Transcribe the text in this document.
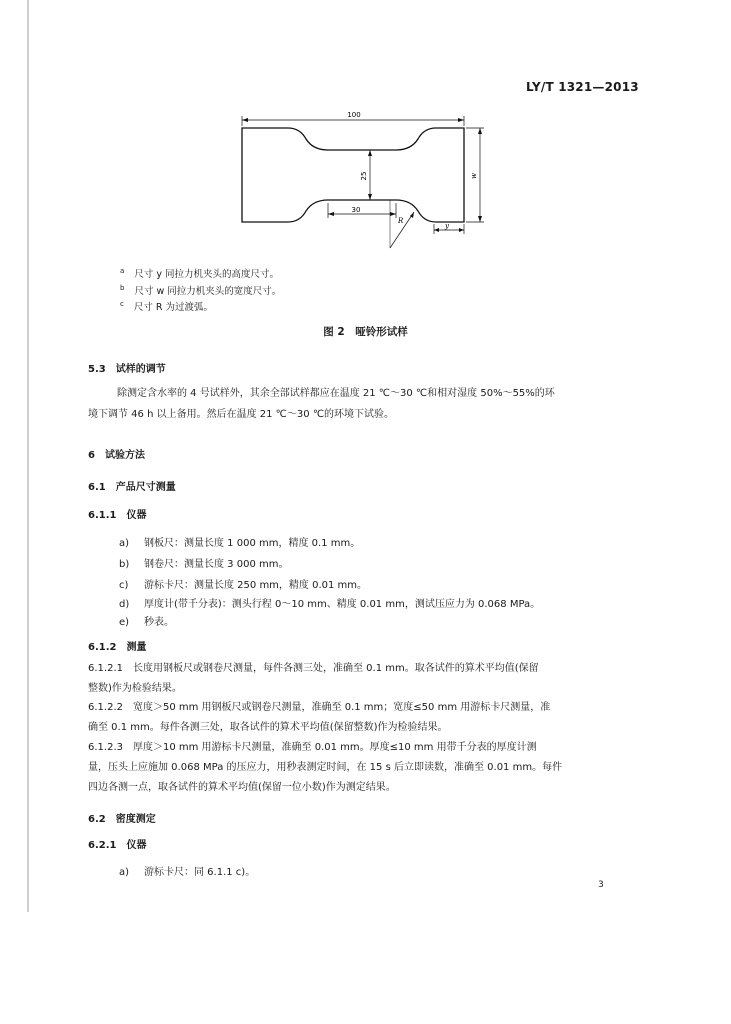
LY/T 1321—2013
100
25
30
R
y
w
$^a$ 尺寸 y 同拉力机夹头的高度尺寸。
$^b$ 尺寸 w 同拉力机夹头的宽度尺寸。
$^c$ 尺寸 R 为过渡弧。
图 2　哑铃形试样
5.3　试样的调节
除测定含水率的 4 号试样外，其余全部试样都应在温度 21 ℃～30 ℃和相对湿度 50%～55%的环
境下调节 46 h 以上备用。然后在温度 21 ℃～30 ℃的环境下试验。
6　试验方法
6.1　产品尺寸测量
6.1.1　仪器
a) 钢板尺：测量长度 1 000 mm，精度 0.1 mm。
b) 钢卷尺：测量长度 3 000 mm。
c) 游标卡尺：测量长度 250 mm，精度 0.01 mm。
d) 厚度计(带千分表)：测头行程 0～10 mm、精度 0.01 mm，测试压应力为 0.068 MPa。
e) 秒表。
6.1.2　测量
6.1.2.1　长度用钢板尺或钢卷尺测量，每件各测三处，准确至 0.1 mm。取各试件的算术平均值(保留
整数)作为检验结果。
6.1.2.2　宽度＞50 mm 用钢板尺或钢卷尺测量，准确至 0.1 mm；宽度≤50 mm 用游标卡尺测量，准
确至 0.1 mm。每件各测三处，取各试件的算术平均值(保留整数)作为检验结果。
6.1.2.3　厚度＞10 mm 用游标卡尺测量，准确至 0.01 mm。厚度≤10 mm 用带千分表的厚度计测
量，压头上应施加 0.068 MPa 的压应力，用秒表测定时间，在 15 s 后立即读数，准确至 0.01 mm。每件
四边各测一点，取各试件的算术平均值(保留一位小数)作为测定结果。
6.2　密度测定
6.2.1　仪器
a) 游标卡尺：同 6.1.1 c)。
3
